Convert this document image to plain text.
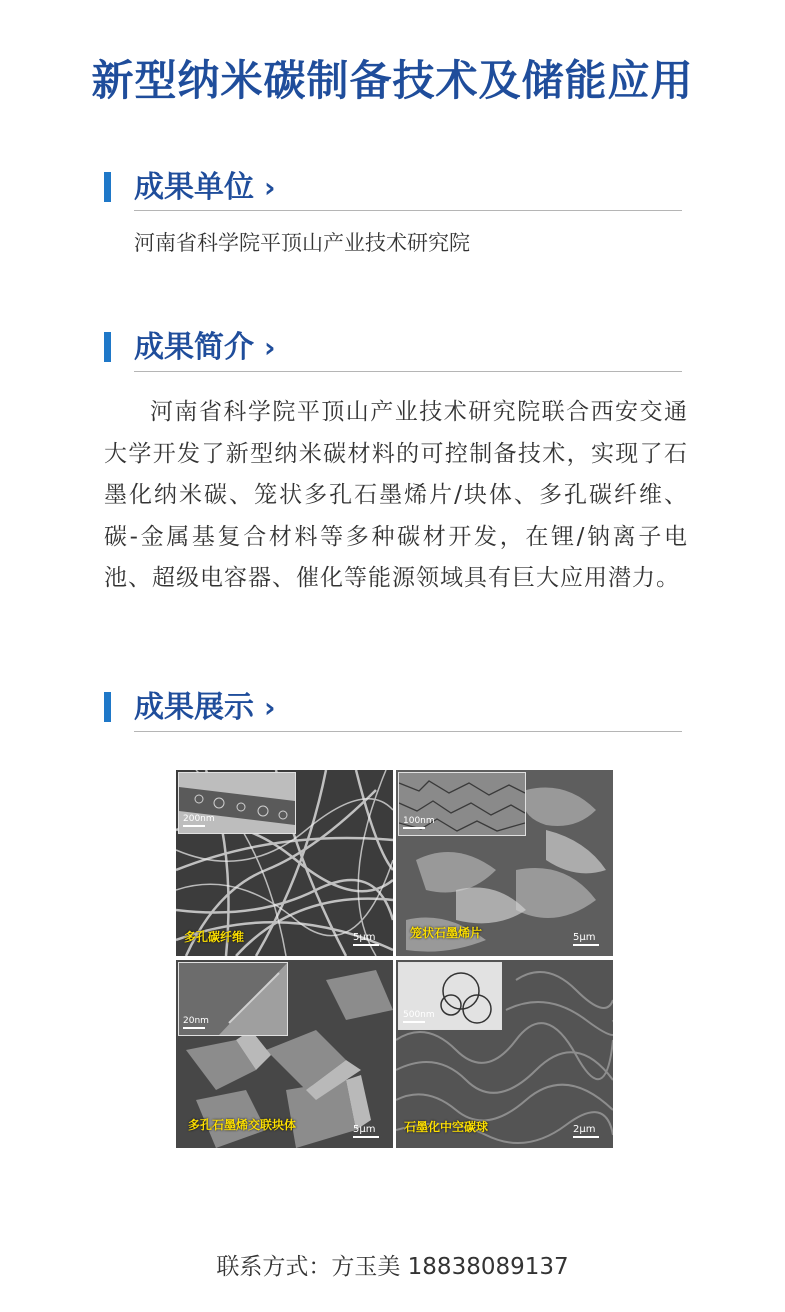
新型纳米碳制备技术及储能应用
成果单位 ›
河南省科学院平顶山产业技术研究院
成果简介 ›

河南省科学院平顶山产业技术研究院联合西安交通大学开发了新型纳米碳材料的可控制备技术，实现了石墨化纳米碳、笼状多孔石墨烯片/块体、多孔碳纤维、碳-金属基复合材料等多种碳材开发，在锂/钠离子电池、超级电容器、催化等能源领域具有巨大应用潜力。

成果展示 ›
200nm
多孔碳纤维	5μm
100nm
笼状石墨烯片	5μm
20nm
多孔石墨烯交联块体	5μm
500nm
石墨化中空碳球	2μm
联系方式：方玉美 18838089137
